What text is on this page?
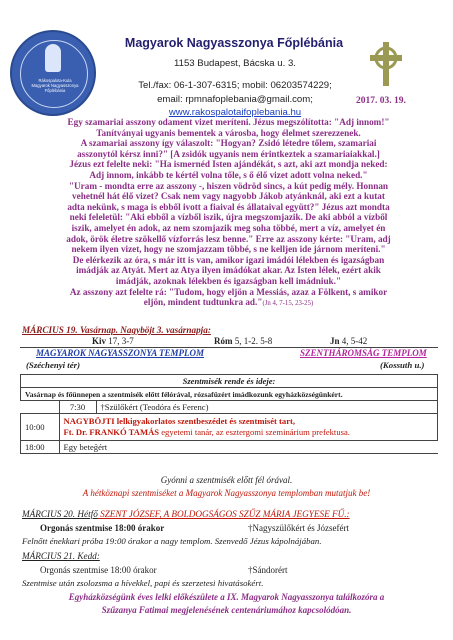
Rákospalota-Kula
Magyarok Nagyasszonya
Főplébánia
Magyarok Nagyasszonya Főplébánia
1153 Budapest, Bácska u. 3.
Tel./fax: 06-1-307-6315; mobil: 06203574229;
email: rpmnafoplebania@gmail.com;
www.rakospalotaifoplebania.hu
2017. 03. 19.
Egy szamariai asszony odament vizet meríteni. Jézus megszólította: "Adj innom!"
Tanítványai ugyanis bementek a városba, hogy élelmet szerezzenek.
A szamariai asszony így válaszolt: "Hogyan? Zsidó létedre tőlem, szamariai
asszonytól kérsz inni?" [A zsidók ugyanis nem érintkeztek a szamariaiakkal.]
Jézus ezt felelte neki: "Ha ismernéd Isten ajándékát, s azt, aki azt mondja neked:
Adj innom, inkább te kértél volna tőle, s ő élő vizet adott volna neked."
"Uram - mondta erre az asszony -, hiszen vödröd sincs, a kút pedig mély. Honnan
vehetnél hát élő vizet? Csak nem vagy nagyobb Jákob atyánknál, aki ezt a kutat
adta nekünk, s maga is ebből ivott a fiaival és állataival együtt?" Jézus azt mondta
neki feleletül: "Aki ebből a vízből iszik, újra megszomjazik. De aki abból a vízből
iszik, amelyet én adok, az nem szomjazik meg soha többé, mert a víz, amelyet én
adok, örök életre szökellő vízforrás lesz benne." Erre az asszony kérte: "Uram, adj
nekem ilyen vizet, hogy ne szomjazzam többé, s ne kelljen ide járnom meríteni."
De elérkezik az óra, s már itt is van, amikor igazi imádói lélekben és igazságban
imádják az Atyát. Mert az Atya ilyen imádókat akar. Az Isten lélek, ezért akik
imádják, azoknak lélekben és igazságban kell imádniuk."
Az asszony azt felelte rá: "Tudom, hogy eljön a Messiás, azaz a Fölkent, s amikor
eljön, mindent tudtunkra ad."(Jn 4, 7-15, 23-25)
MÁRCIUS 19. Vasárnap. Nagyböjt 3. vasárnapja:
Kiv 17, 3-7	Róm 5, 1-2. 5-8	Jn 4, 5-42
MAGYAROK NAGYASSZONYA TEMPLOM
(Széchenyi tér)
SZENTHÁROMSÁG TEMPLOM
(Kossuth u.)
Szentmisék rende és ideje:		
Vasárnap és főünnepen a szentmisék előtt félórával, rózsafüzért imádkozunk egyházközségünkért.		
	7:30	†Szülőkért (Teodóra és Ferenc)
10:00	NAGYBÖJTI lelkigyakorlatos szentbeszédet és szentmisét tart,
Ft. Dr. FRANKÓ TAMÁS egyetemi tanár, az esztergomi szeminárium prefektusa.	

18:00	Egy beteg̈ért	
Gyónni a szentmisék előtt fél órával.
A hétköznapi szentmiséket a Magyarok Nagyasszonya templomban mutatjuk be!
MÁRCIUS 20. Hétfő SZENT JÓZSEF, A BOLDOGSÁGOS SZŰZ MÁRIA JEGYESE FŰ.:
Orgonás szentmise 18:00 órakor	†Nagyszülőkért és Józsefért
Felnőtt énekkari próba 19:00 órakor a nagy templom. Szenvedő Jézus kápolnájában.
MÁRCIUS 21. Kedd:
Orgonás szentmise 18:00 órakor	†Sándorért
Szentmise után zsolozsma a hívekkel, papi és szerzetesi hivatásokért.
Egyházközségünk éves lelki előkészülete a IX. Magyarok Nagyasszonya találkozóra a
Szűzanya Fatimai megjelenésének centenáriumához kapcsolódóan.
